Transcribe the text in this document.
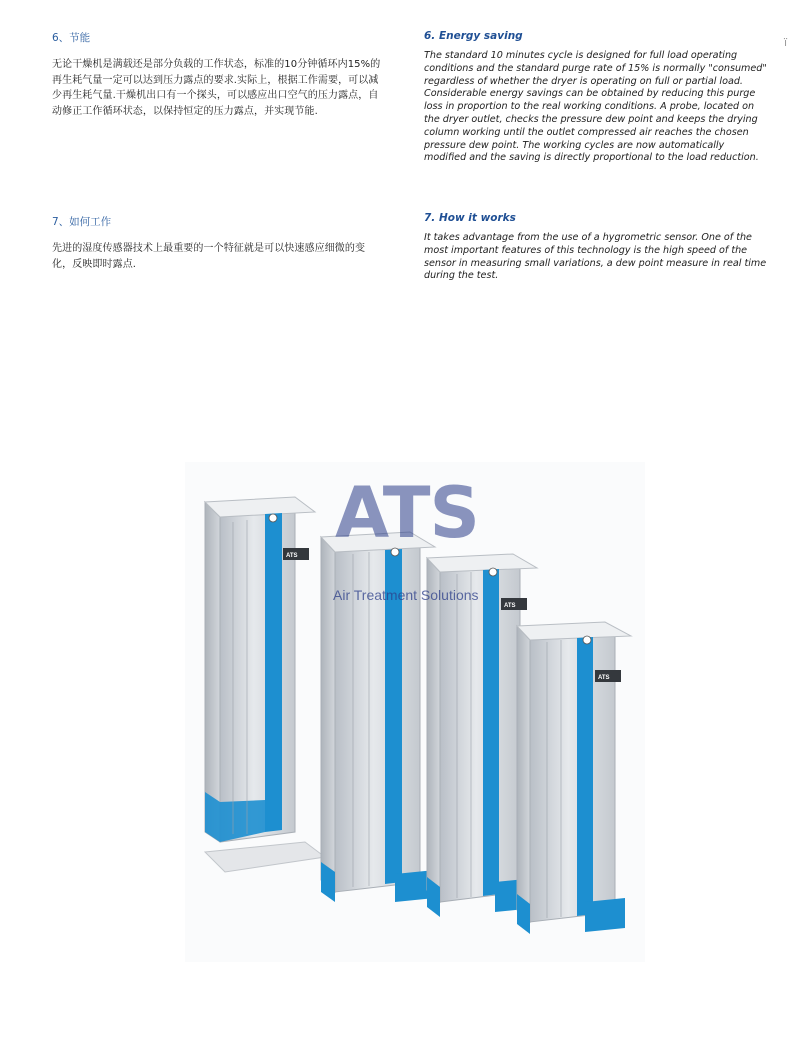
6、节能

无论干燥机是满载还是部分负载的工作状态，标准的10分钟循环内15%的再生耗气量一定可以达到压力露点的要求.实际上，根据工作需要，可以减少再生耗气量.干燥机出口有一个探头，可以感应出口空气的压力露点，自动修正工作循环状态，以保持恒定的压力露点，并实现节能.

6. Energy saving

The standard 10 minutes cycle is designed for full load operating conditions and the standard purge rate of 15% is normally "consumed" regardless of whether the dryer is operating on full or partial load. Considerable energy savings can be obtained by reducing this purge loss in proportion to the real working conditions. A probe, located on the dryer outlet, checks the pressure dew point and keeps the drying column working until the outlet compressed air reaches the chosen pressure dew point. The working cycles are now automatically modified and the saving is directly proportional to the load reduction.

7、如何工作

先进的湿度传感器技术上最重要的一个特征就是可以快速感应细微的变化，反映即时露点.

7. How it works

It takes advantage from the use of a hygrometric sensor. One of the most important features of this technology is the high speed of the sensor in measuring small variations, a dew point measure in real time during the test.

ï
ATS
ATS
ATS
ATS
Air Treatment Solutions
